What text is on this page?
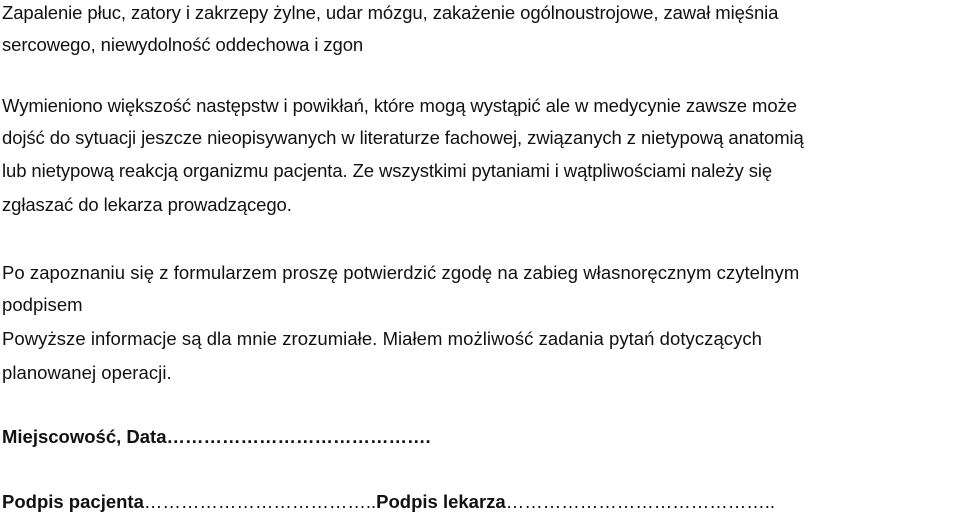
Zapalenie płuc, zatory i zakrzepy żylne, udar mózgu, zakażenie ogólnoustrojowe, zawał mięśnia
sercowego, niewydolność oddechowa i zgon
Wymieniono większość następstw i powikłań, które mogą wystąpić ale w medycynie zawsze może
dojść do sytuacji jeszcze nieopisywanych w literaturze fachowej, związanych z nietypową anatomią
lub nietypową reakcją organizmu pacjenta. Ze wszystkimi pytaniami i wątpliwościami należy się
zgłaszać do lekarza prowadzącego.
Po zapoznaniu się z formularzem proszę potwierdzić zgodę na zabieg własnoręcznym czytelnym
podpisem
Powyższe informacje są dla mnie zrozumiałe. Miałem możliwość zadania pytań dotyczących
planowanej operacji.
Miejscowość, Data…………………………………….
Podpis pacjenta………………………………..Podpis lekarza……………………………………..
